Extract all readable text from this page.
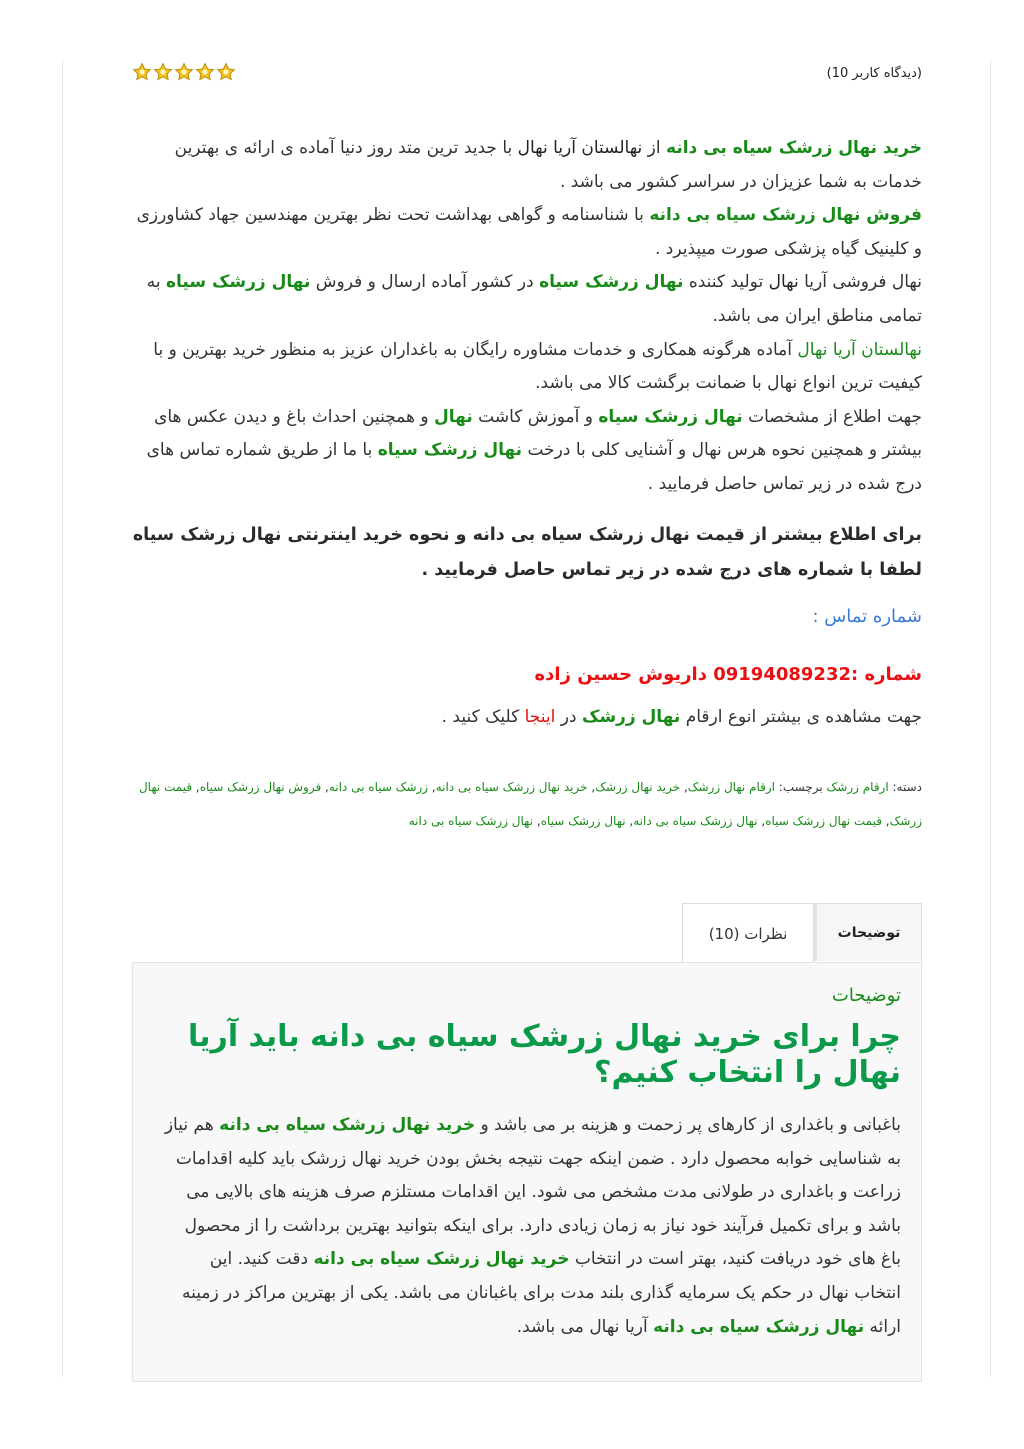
(دیدگاه کاربر 10)

خرید نهال زرشک سیاه بی دانه از نهالستان آریا نهال با جدید ترین متد روز دنیا آماده ی ارائه ی بهترین خدمات به شما عزیزان در سراسر کشور می باشد .

فروش نهال زرشک سیاه بی دانه با شناسنامه و گواهی بهداشت تحت نظر بهترین مهندسین جهاد کشاورزی و کلینیک گیاه پزشکی صورت میپذیرد .

نهال فروشی آریا نهال تولید کننده نهال زرشک سیاه در کشور آماده ارسال و فروش نهال زرشک سیاه به تمامی مناطق ایران می باشد.

نهالستان آریا نهال آماده هرگونه همکاری و خدمات مشاوره رایگان به باغداران عزیز به منظور خرید بهترین و با کیفیت ترین انواع نهال با ضمانت برگشت کالا می باشد.

جهت اطلاع از مشخصات نهال زرشک سیاه و آموزش کاشت نهال و همچنین احداث باغ و دیدن عکس های بیشتر و همچنین نحوه هرس نهال و آشنایی کلی با درخت نهال زرشک سیاه با ما از طریق شماره تماس های درج شده در زیر تماس حاصل فرمایید .

برای اطلاع بیشتر از قیمت نهال زرشک سیاه بی دانه و نحوه خرید اینترنتی نهال زرشک سیاه لطفا با شماره های درج شده در زیر تماس حاصل فرمایید .
شماره تماس :
شماره :09194089232 داریوش حسین زاده
جهت مشاهده ی بیشتر انوع ارقام نهال زرشک در اینجا کلیک کنید .
دسته: ارقام زرشک برچسب: ارقام نهال زرشک, خرید نهال زرشک, خرید نهال زرشک سیاه بی دانه, زرشک سیاه بی دانه, فروش نهال زرشک سیاه, قیمت نهال زرشک, قیمت نهال زرشک سیاه, نهال زرشک سیاه بی دانه, نهال زرشک سیاه, نهال زرشک سیاه بی دانه
توضیحات
نظرات (10)
توضیحات
چرا برای خرید نهال زرشک سیاه بی دانه باید آریا نهال را انتخاب کنیم؟

باغبانی و باغداری از کارهای پر زحمت و هزینه بر می باشد و خرید نهال زرشک سیاه بی دانه هم نیاز به شناسایی خوابه محصول دارد . ضمن اینکه جهت نتیجه بخش بودن خرید نهال زرشک باید کلیه اقدامات زراعت و باغداری در طولانی مدت مشخص می شود. این اقدامات مستلزم صرف هزینه های بالایی می باشد و برای تکمیل فرآیند خود نیاز به زمان زیادی دارد. برای اینکه بتوانید بهترین برداشت را از محصول باغ های خود دریافت کنید، بهتر است در انتخاب خرید نهال زرشک سیاه بی دانه دقت کنید. این انتخاب نهال در حکم یک سرمایه گذاری بلند مدت برای باغبانان می باشد. یکی از بهترین مراکز در زمینه ارائه نهال زرشک سیاه بی دانه آریا نهال می باشد.
